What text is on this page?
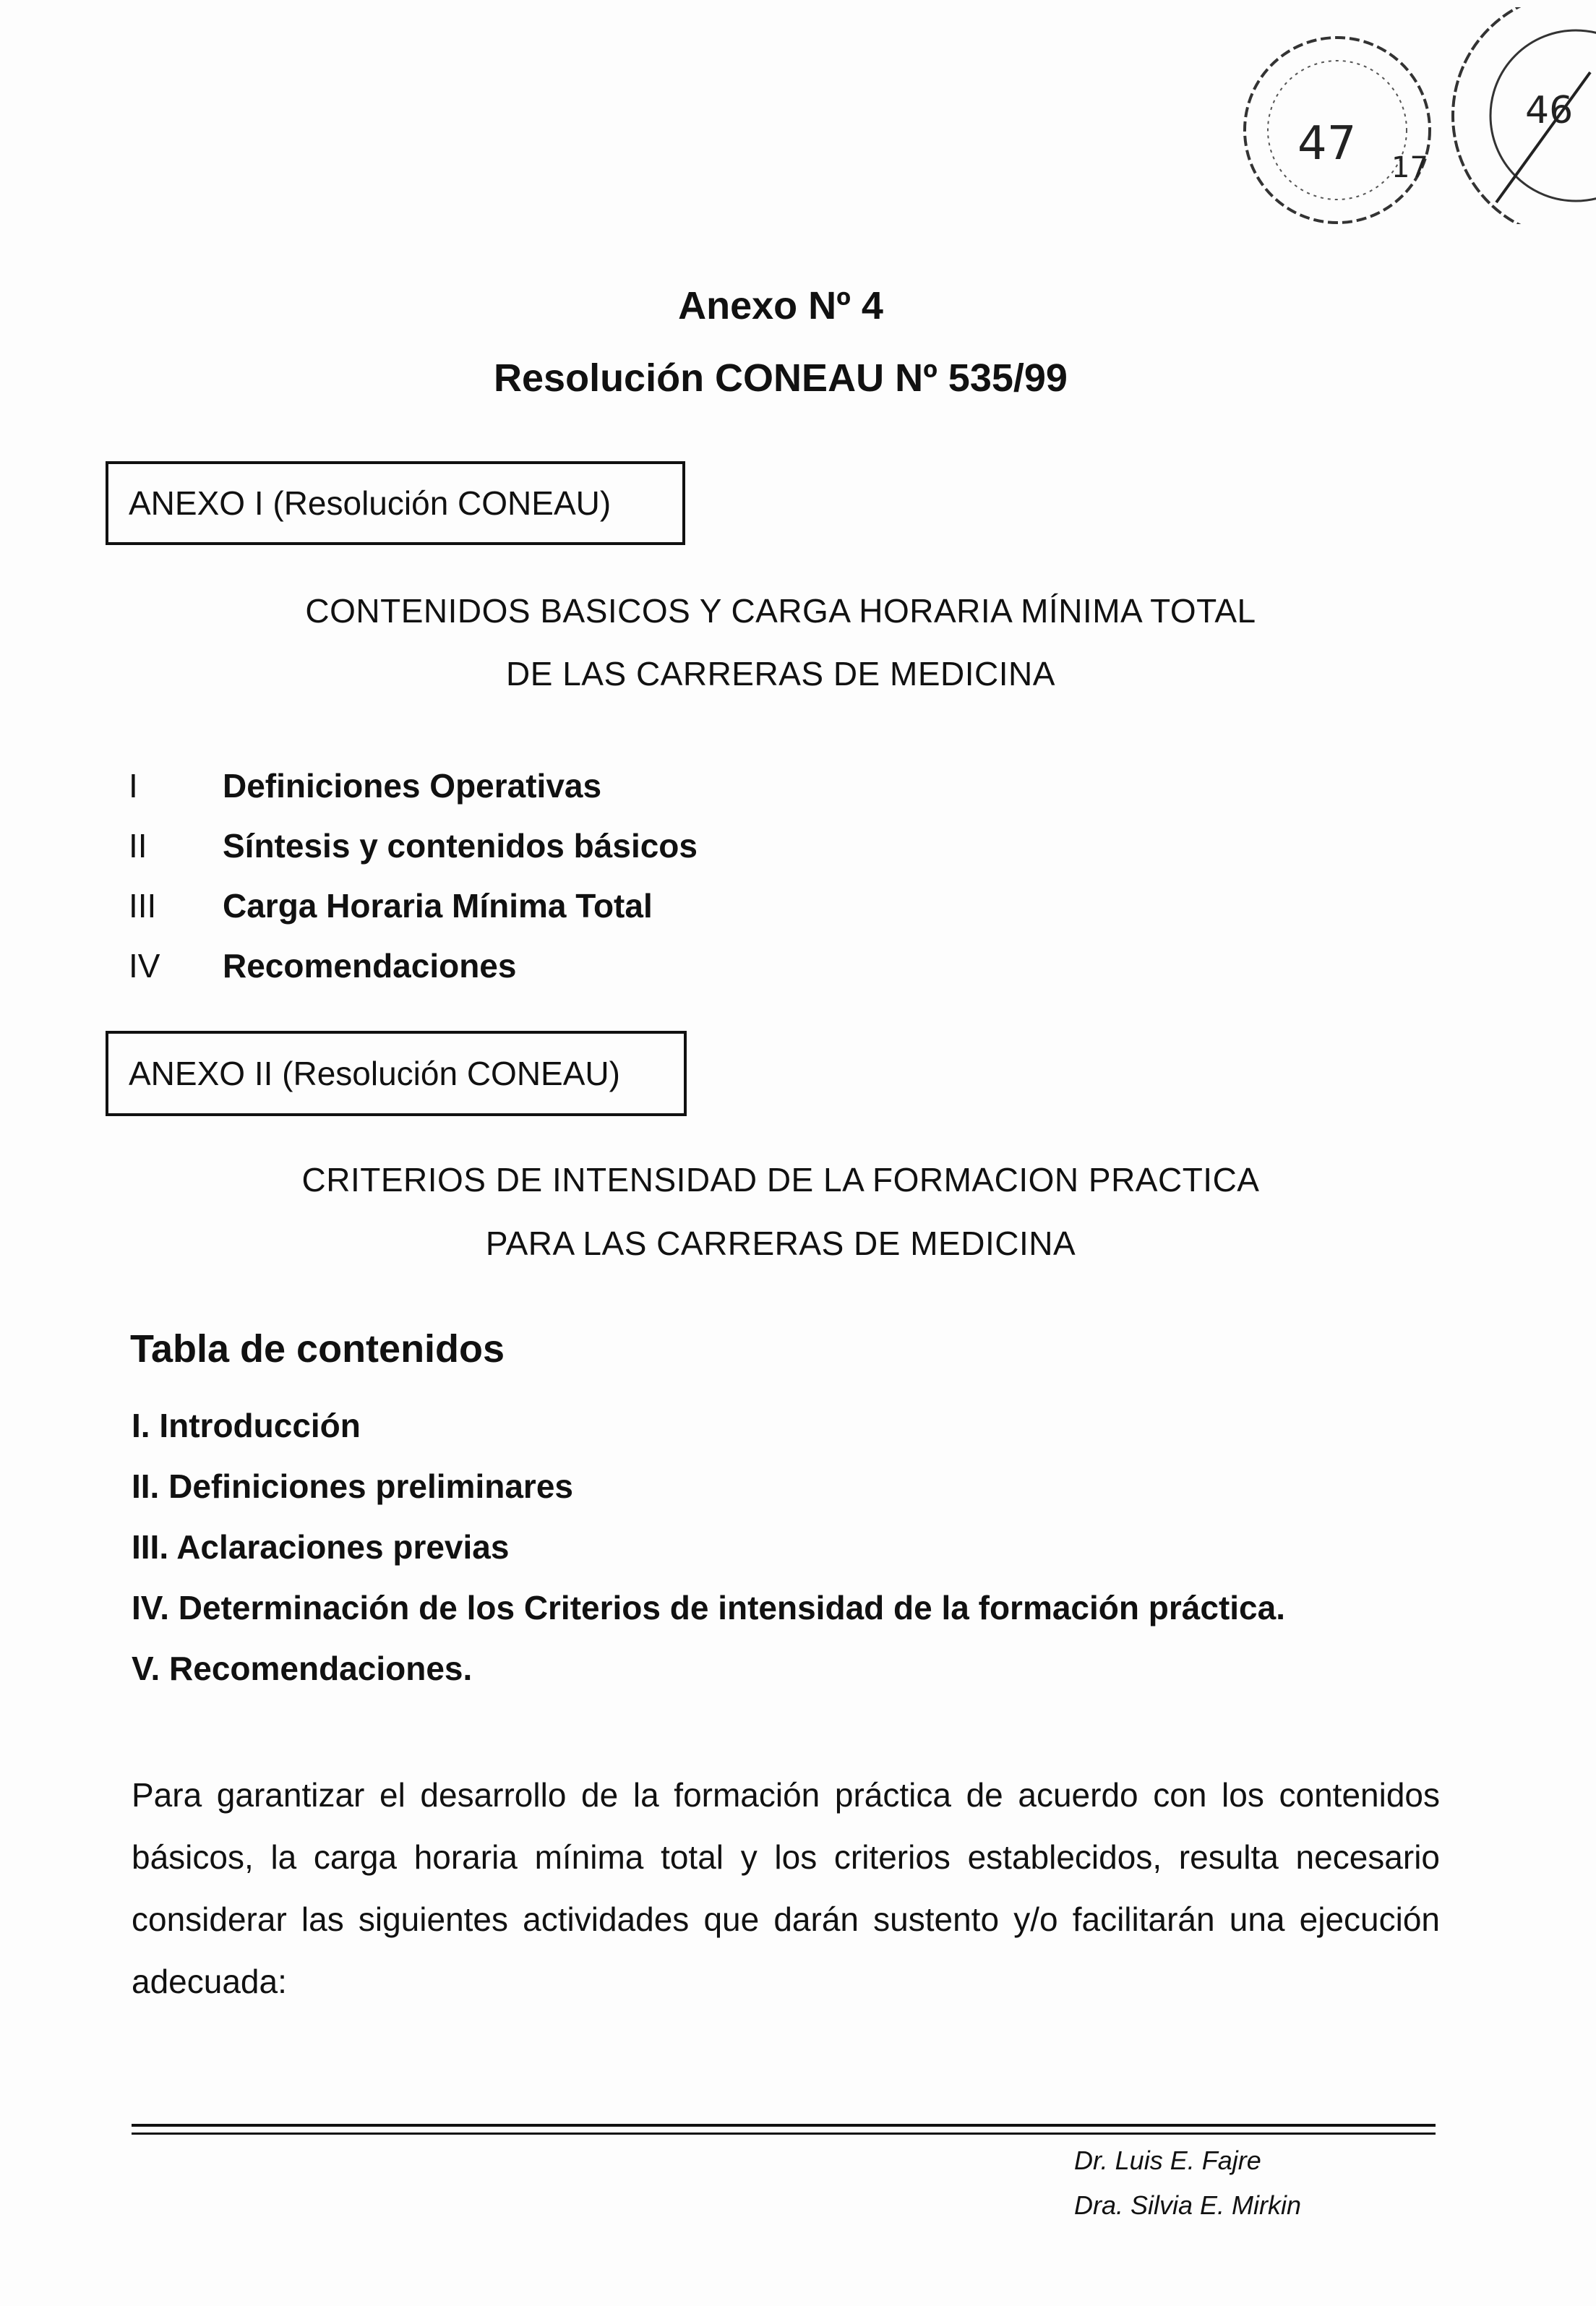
47 17
46
Anexo Nº 4
Resolución CONEAU Nº 535/99
ANEXO I (Resolución CONEAU)
CONTENIDOS BASICOS Y CARGA HORARIA MÍNIMA TOTAL
DE LAS CARRERAS DE MEDICINA
I	Definiciones Operativas
II	Síntesis y contenidos básicos
III	Carga Horaria Mínima Total
IV	Recomendaciones
ANEXO II (Resolución CONEAU)
CRITERIOS DE INTENSIDAD DE LA FORMACION PRACTICA
PARA LAS CARRERAS DE MEDICINA
Tabla de contenidos
I. Introducción
II. Definiciones preliminares
III. Aclaraciones previas
IV. Determinación de los Criterios de intensidad de la formación práctica.
V. Recomendaciones.
Para garantizar el desarrollo de la formación práctica de acuerdo con los contenidos básicos, la carga horaria mínima total y los criterios establecidos, resulta necesario considerar las siguientes actividades que darán sustento y/o facilitarán una ejecución adecuada:
Dr. Luis E. Fajre
Dra. Silvia E. Mirkin
